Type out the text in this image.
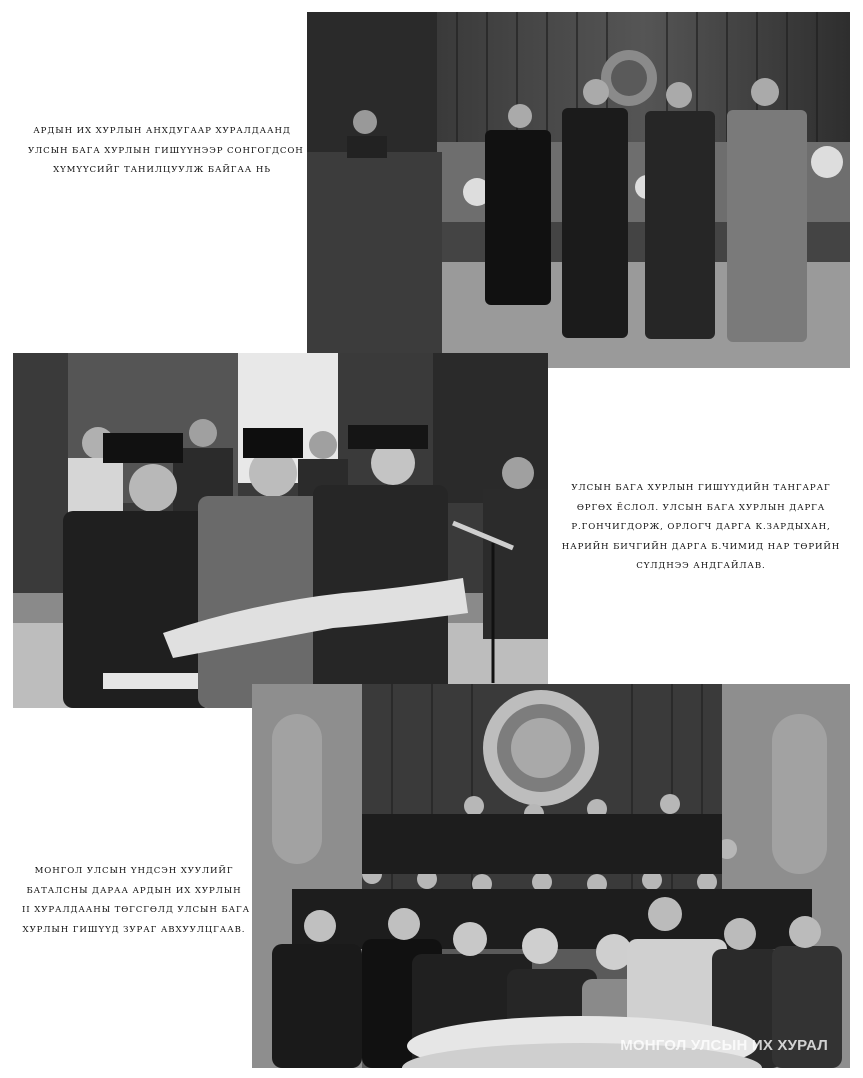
АРДЫН ИХ ХУРЛЫН АНХДУГААР ХУРАЛДААНД
УЛСЫН БАГА ХУРЛЫН ГИШҮҮНЭЭР СОНГОГДСОН
ХҮМҮҮСИЙГ ТАНИЛЦУУЛЖ БАЙГАА НЬ
УЛСЫН БАГА ХУРЛЫН ГИШҮҮДИЙН ТАНГАРАГ
ӨРГӨХ ЁСЛОЛ. УЛСЫН БАГА ХУРЛЫН ДАРГА
Р.ГОНЧИГДОРЖ, ОРЛОГЧ ДАРГА К.ЗАРДЫХАН,
НАРИЙН БИЧГИЙН ДАРГА Б.ЧИМИД НАР ТӨРИЙН
СҮЛДНЭЭ АНДГАЙЛАВ.
МОНГОЛ УЛСЫН ҮНДСЭН ХУУЛИЙГ
БАТАЛСНЫ ДАРАА АРДЫН ИХ ХУРЛЫН
II ХУРАЛДААНЫ ТӨГСГӨЛД УЛСЫН БАГА
ХУРЛЫН ГИШҮҮД ЗУРАГ АВХУУЛЦГААВ.
МОНГОЛ УЛСЫН ИХ ХУРАЛ
